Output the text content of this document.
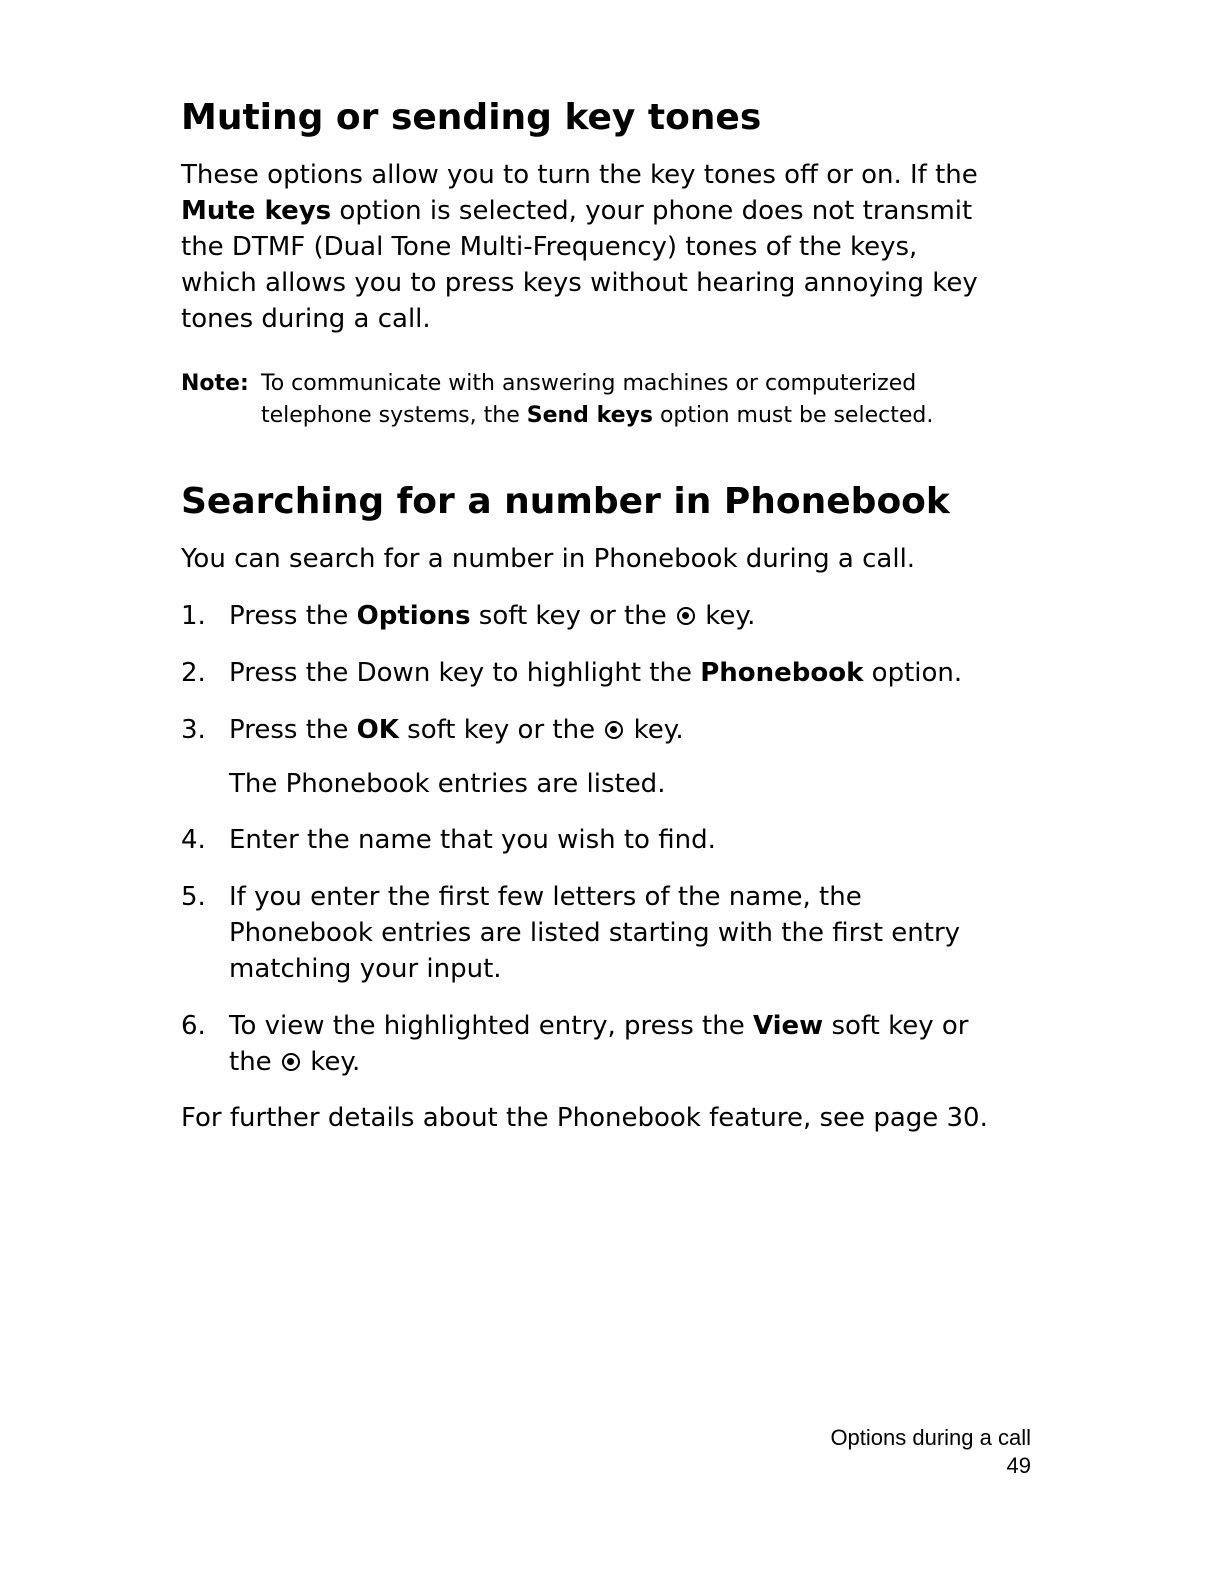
Muting or sending key tones
These options allow you to turn the key tones off or on. If the
Mute keys option is selected, your phone does not transmit
the DTMF (Dual Tone Multi-Frequency) tones of the keys,
which allows you to press keys without hearing annoying key
tones during a call.
Note: To communicate with answering machines or computerized
telephone systems, the Send keys option must be selected.
Searching for a number in Phonebook
You can search for a number in Phonebook during a call.
1. Press the Options soft key or the  key.
2. Press the Down key to highlight the Phonebook option.
3. Press the OK soft key or the  key.
The Phonebook entries are listed.
4. Enter the name that you wish to find.
5. If you enter the first few letters of the name, the
Phonebook entries are listed starting with the first entry
matching your input.
6. To view the highlighted entry, press the View soft key or
the  key.
For further details about the Phonebook feature, see page 30.
Options during a call
49
